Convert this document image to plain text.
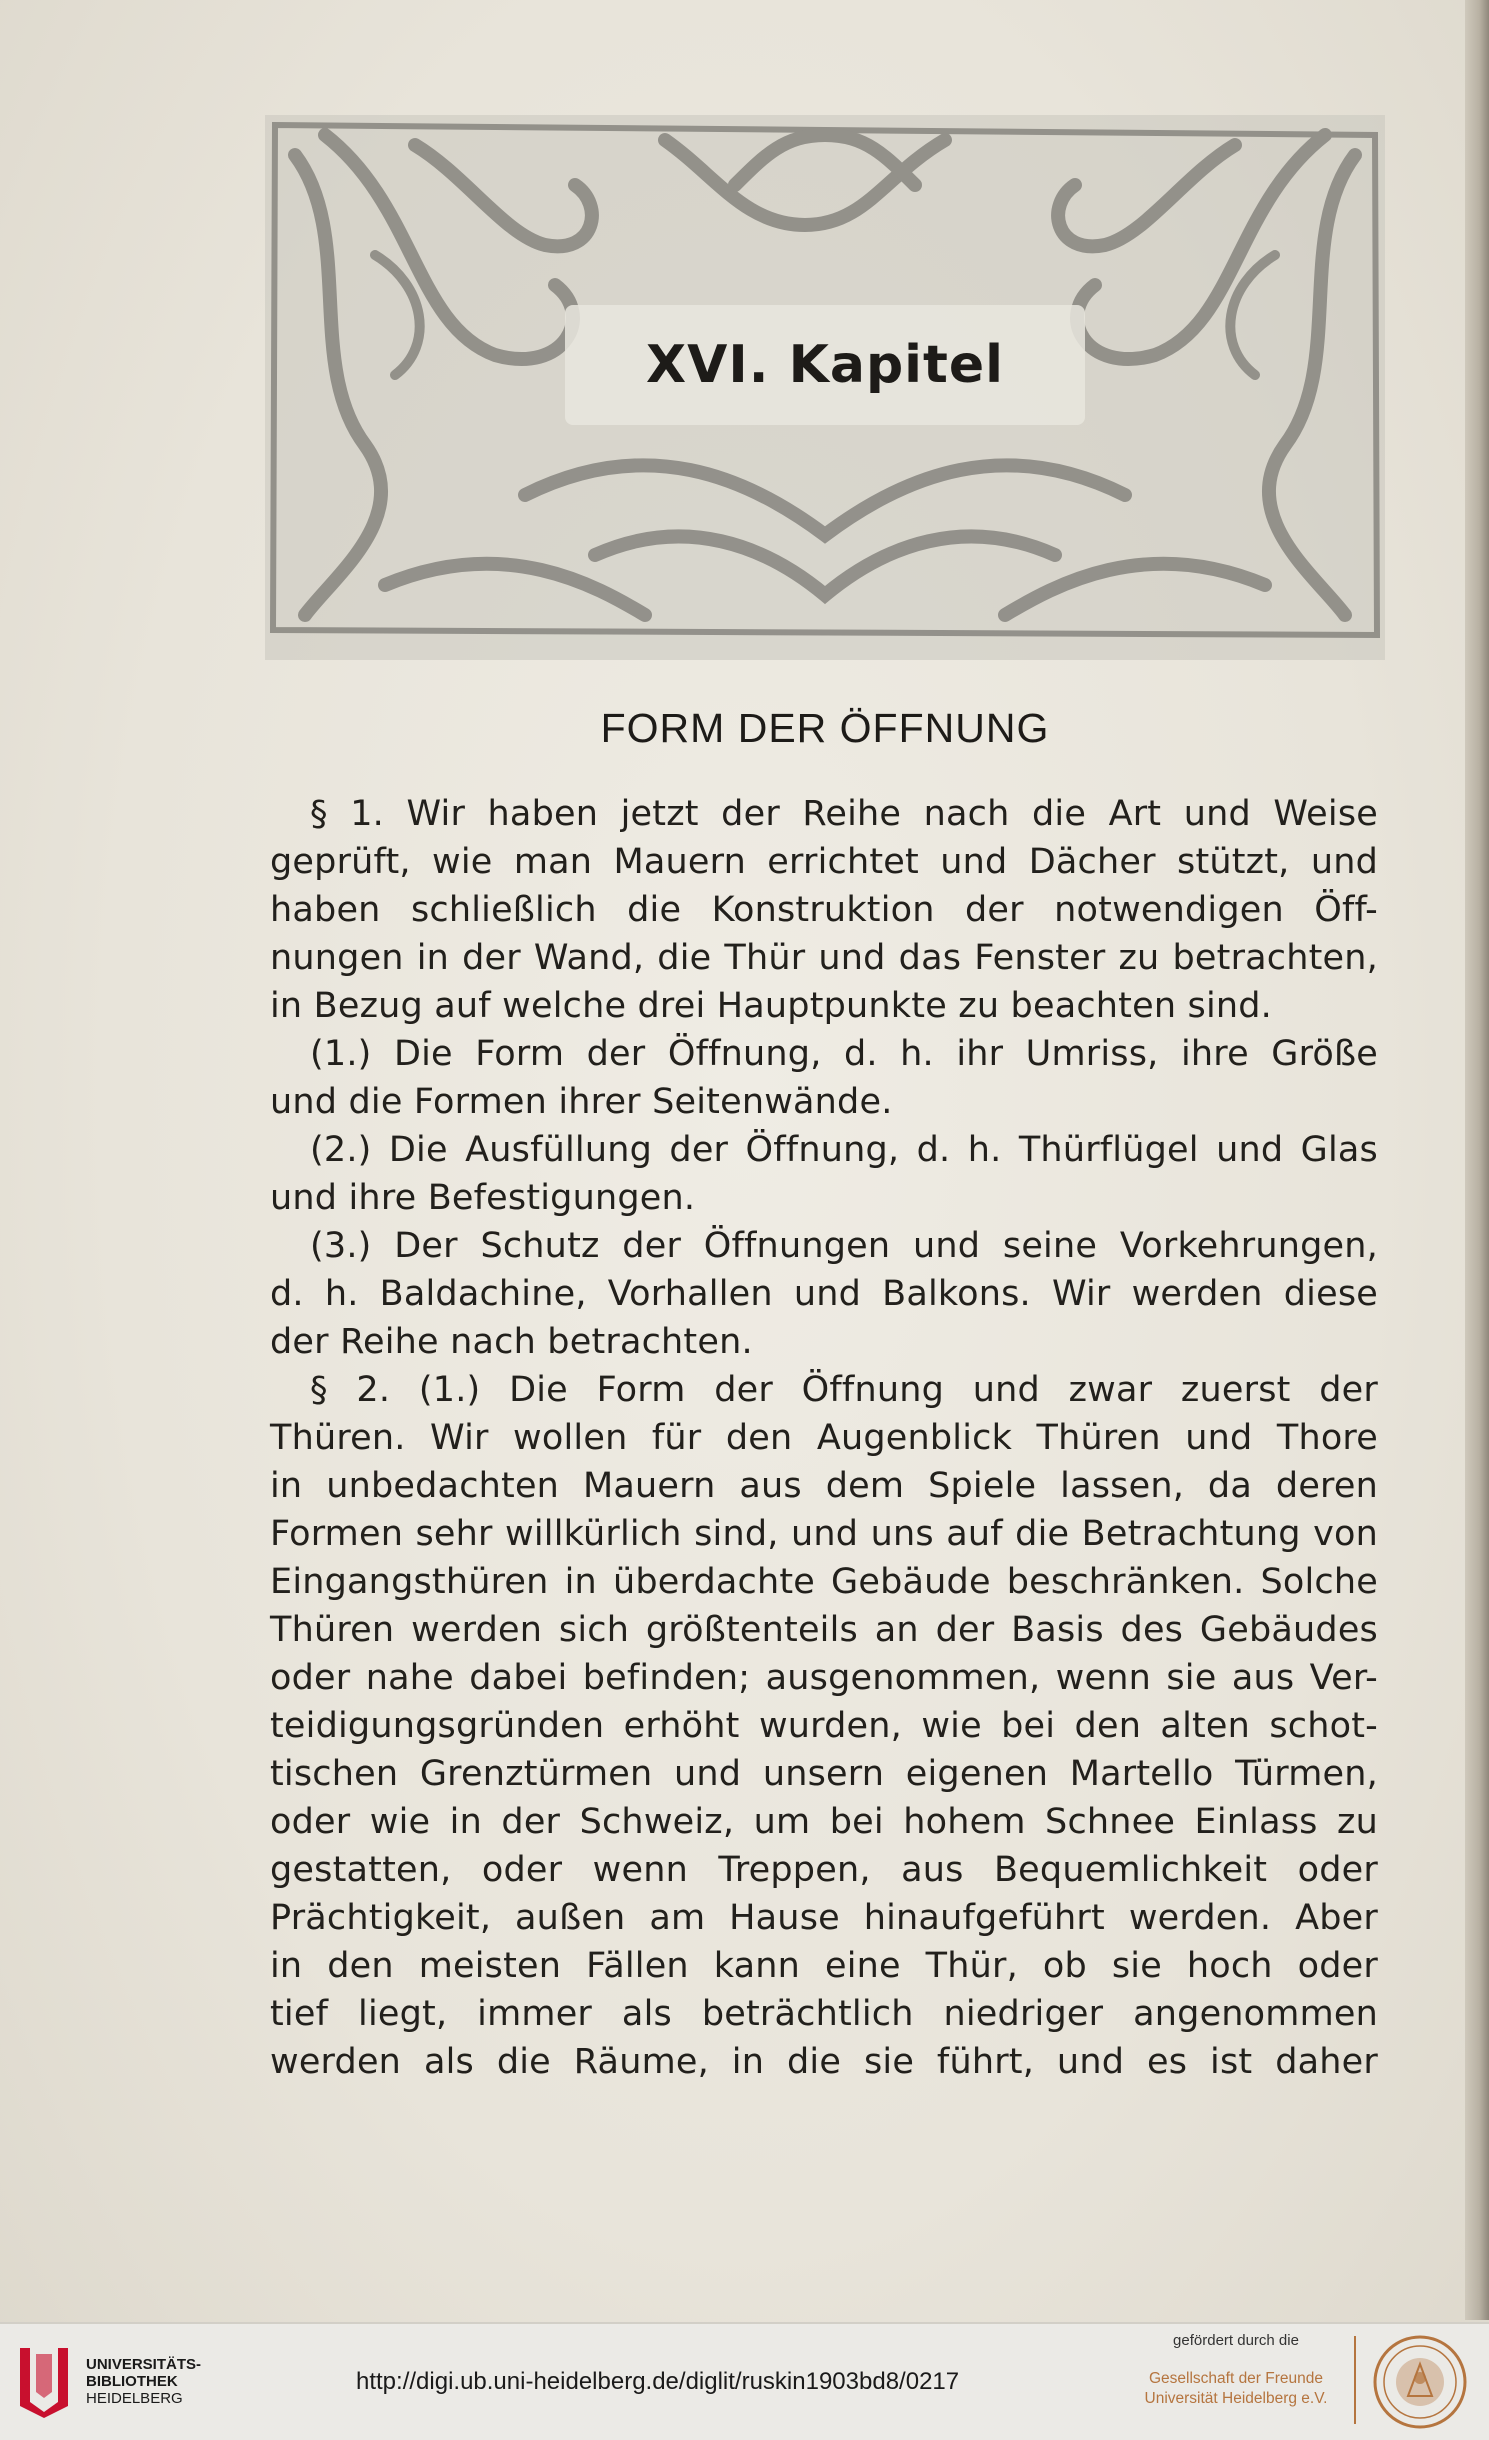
XVI. Kapitel
FORM DER ÖFFNUNG
§ 1. Wir haben jetzt der Reihe nach die Art und Weise
geprüft, wie man Mauern errichtet und Dächer stützt, und
haben schließlich die Konstruktion der notwendigen Öff-
nungen in der Wand, die Thür und das Fenster zu betrachten,
in Bezug auf welche drei Hauptpunkte zu beachten sind.
(1.) Die Form der Öffnung, d. h. ihr Umriss, ihre Größe
und die Formen ihrer Seitenwände.
(2.) Die Ausfüllung der Öffnung, d. h. Thürflügel und Glas
und ihre Befestigungen.
(3.) Der Schutz der Öffnungen und seine Vorkehrungen,
d. h. Baldachine, Vorhallen und Balkons. Wir werden diese
der Reihe nach betrachten.
§ 2. (1.) Die Form der Öffnung und zwar zuerst der
Thüren. Wir wollen für den Augenblick Thüren und Thore
in unbedachten Mauern aus dem Spiele lassen, da deren
Formen sehr willkürlich sind, und uns auf die Betrachtung von
Eingangsthüren in überdachte Gebäude beschränken. Solche
Thüren werden sich größtenteils an der Basis des Gebäudes
oder nahe dabei befinden; ausgenommen, wenn sie aus Ver-
teidigungsgründen erhöht wurden, wie bei den alten schot-
tischen Grenztürmen und unsern eigenen Martello Türmen,
oder wie in der Schweiz, um bei hohem Schnee Einlass zu
gestatten, oder wenn Treppen, aus Bequemlichkeit oder
Prächtigkeit, außen am Hause hinaufgeführt werden. Aber
in den meisten Fällen kann eine Thür, ob sie hoch oder
tief liegt, immer als beträchtlich niedriger angenommen
werden als die Räume, in die sie führt, und es ist daher

UNIVERSITÄTS-
BIBLIOTHEK
HEIDELBERG

http://digi.ub.uni-heidelberg.de/diglit/ruskin1903bd8/0217
gefördert durch die
Gesellschaft der Freunde
Universität Heidelberg e.V.
